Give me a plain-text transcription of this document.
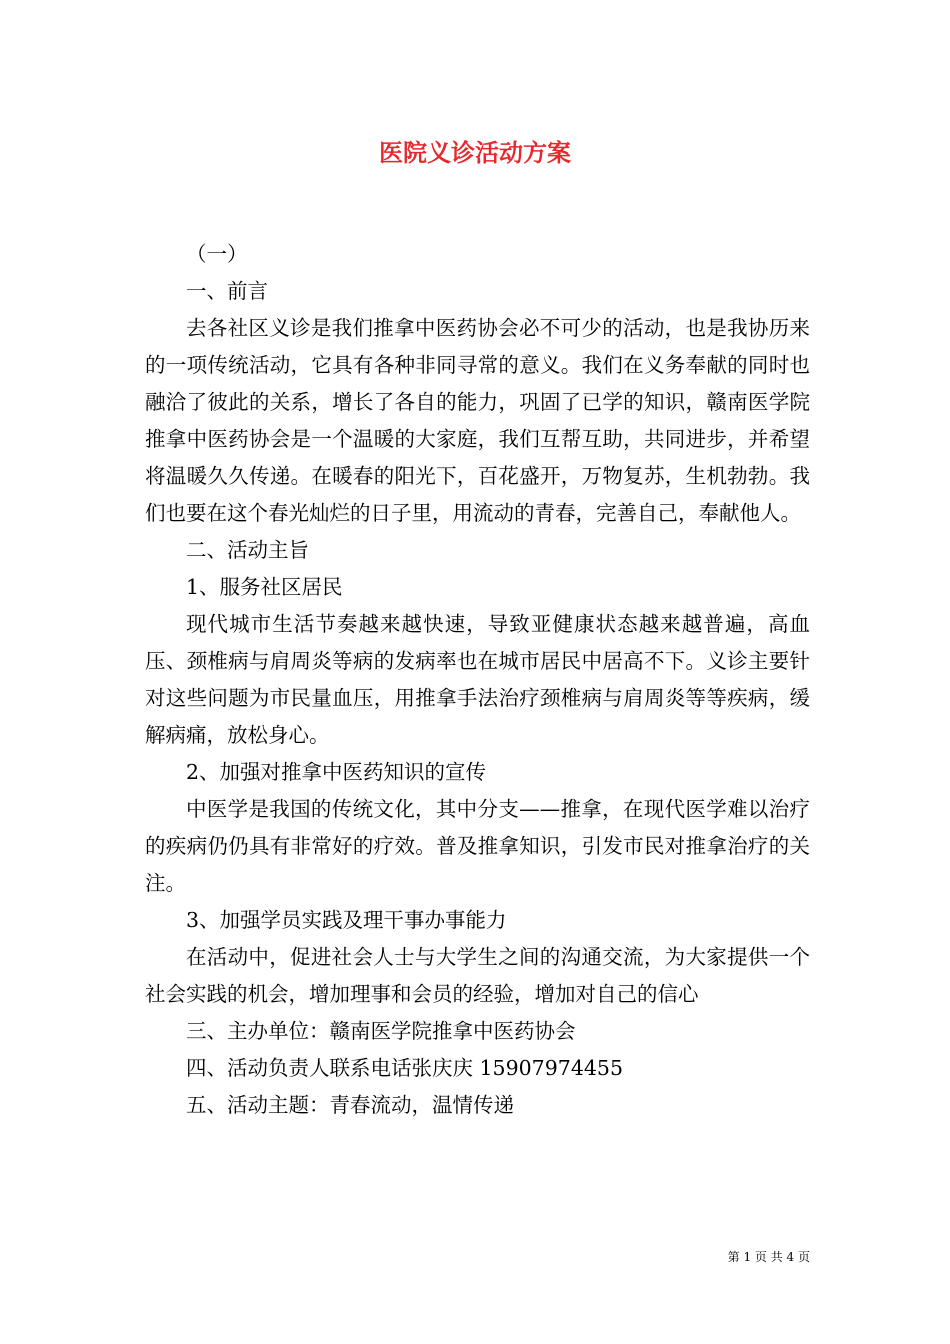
医院义诊活动方案

（一）

一、前言

去各社区义诊是我们推拿中医药协会必不可少的活动，也是我协历来的一项传统活动，它具有各种非同寻常的意义。我们在义务奉献的同时也融洽了彼此的关系，增长了各自的能力，巩固了已学的知识，赣南医学院推拿中医药协会是一个温暖的大家庭，我们互帮互助，共同进步，并希望将温暖久久传递。在暖春的阳光下，百花盛开，万物复苏，生机勃勃。我们也要在这个春光灿烂的日子里，用流动的青春，完善自己，奉献他人。

二、活动主旨

1、服务社区居民

现代城市生活节奏越来越快速，导致亚健康状态越来越普遍，高血压、颈椎病与肩周炎等病的发病率也在城市居民中居高不下。义诊主要针对这些问题为市民量血压，用推拿手法治疗颈椎病与肩周炎等等疾病，缓解病痛，放松身心。

2、加强对推拿中医药知识的宣传

中医学是我国的传统文化，其中分支——推拿，在现代医学难以治疗的疾病仍仍具有非常好的疗效。普及推拿知识，引发市民对推拿治疗的关注。

3、加强学员实践及理干事办事能力

在活动中，促进社会人士与大学生之间的沟通交流，为大家提供一个社会实践的机会，增加理事和会员的经验，增加对自己的信心

三、主办单位：赣南医学院推拿中医药协会

四、活动负责人联系电话张庆庆 15907974455

五、活动主题：青春流动，温情传递

第 1 页 共 4 页
